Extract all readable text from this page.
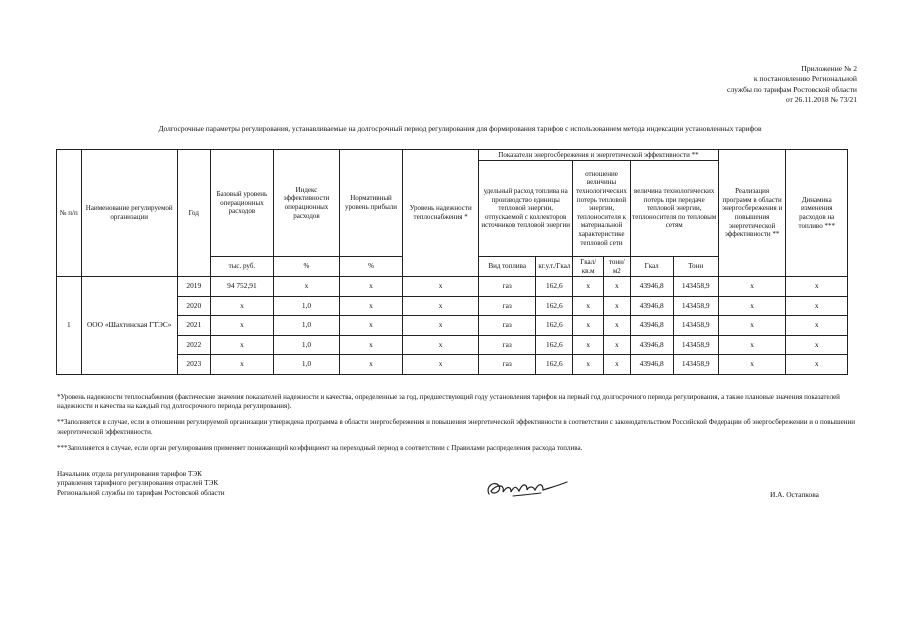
Приложение № 2
к постановлению Региональной
службы по тарифам Ростовской области
от 26.11.2018 № 73/21
Долгосрочные параметры регулирования, устанавливаемые на долгосрочный период регулирования для формирования тарифов с использованием метода индексации установленных тарифов
№ п/п	Наименование регулируемой организации	Год	Базовый уровень операционных расходов	Индекс эффективности операционных расходов	Нормативный уровень прибыли	Уровень надежности теплоснабжения *	Показатели энергосбережения и энергетической эффективности **						Реализация программ в области энергосбережения и повышения энергетической эффективности **	Динамика изменения расходов на топливо ***
							удельный расход топлива на производство единицы тепловой энергии, отпускаемой с коллекторов источников тепловой энергии		отношение величины технологических потерь тепловой энергии, теплоносителя к материальной характеристике тепловой сети		величина технологических потерь при передаче тепловой энергии, теплоносителя по тепловым сетям			
			тыс. руб.	%	%		Вид топлива	кг.у.т./Гкал	Гкал/ кв.м	тонн/м2	Гкал	Тонн		
1	ООО «Шахтинская ГТЭС»	2019	94 752,91	х	х	х	газ	162,6	х	х	43946,8	143458,9	х	х
		2020	х	1,0	х	х	газ	162,6	х	х	43946,8	143458,9	х	х
		2021	х	1,0	х	х	газ	162,6	х	х	43946,8	143458,9	х	х
		2022	х	1,0	х	х	газ	162,6	х	х	43946,8	143458,9	х	х
		2023	х	1,0	х	х	газ	162,6	х	х	43946,8	143458,9	х	х

*Уровень надежности теплоснабжения (фактические значения показателей надежности и качества, определенные за год, предшествующий году установления тарифов на первый год долгосрочного периода регулирования, а также плановые значения показателей надежности и качества на каждый год долгосрочного периода регулирования).

**Заполняется в случае, если в отношении регулируемой организации утверждена программа в области энергосбережения и повышения энергетической эффективности в соответствии с законодательством Российской Федерации об энергосбережении и о повышении энергетической эффективности.

***Заполняется в случае, если орган регулирования применяет понижающий коэффициент на переходный период в соответствии с Правилами распределения расхода топлива.

Начальник отдела регулирования тарифов ТЭК
управления тарифного регулирования отраслей ТЭК
Региональной службы по тарифам Ростовской области	И.А. Остапкова
